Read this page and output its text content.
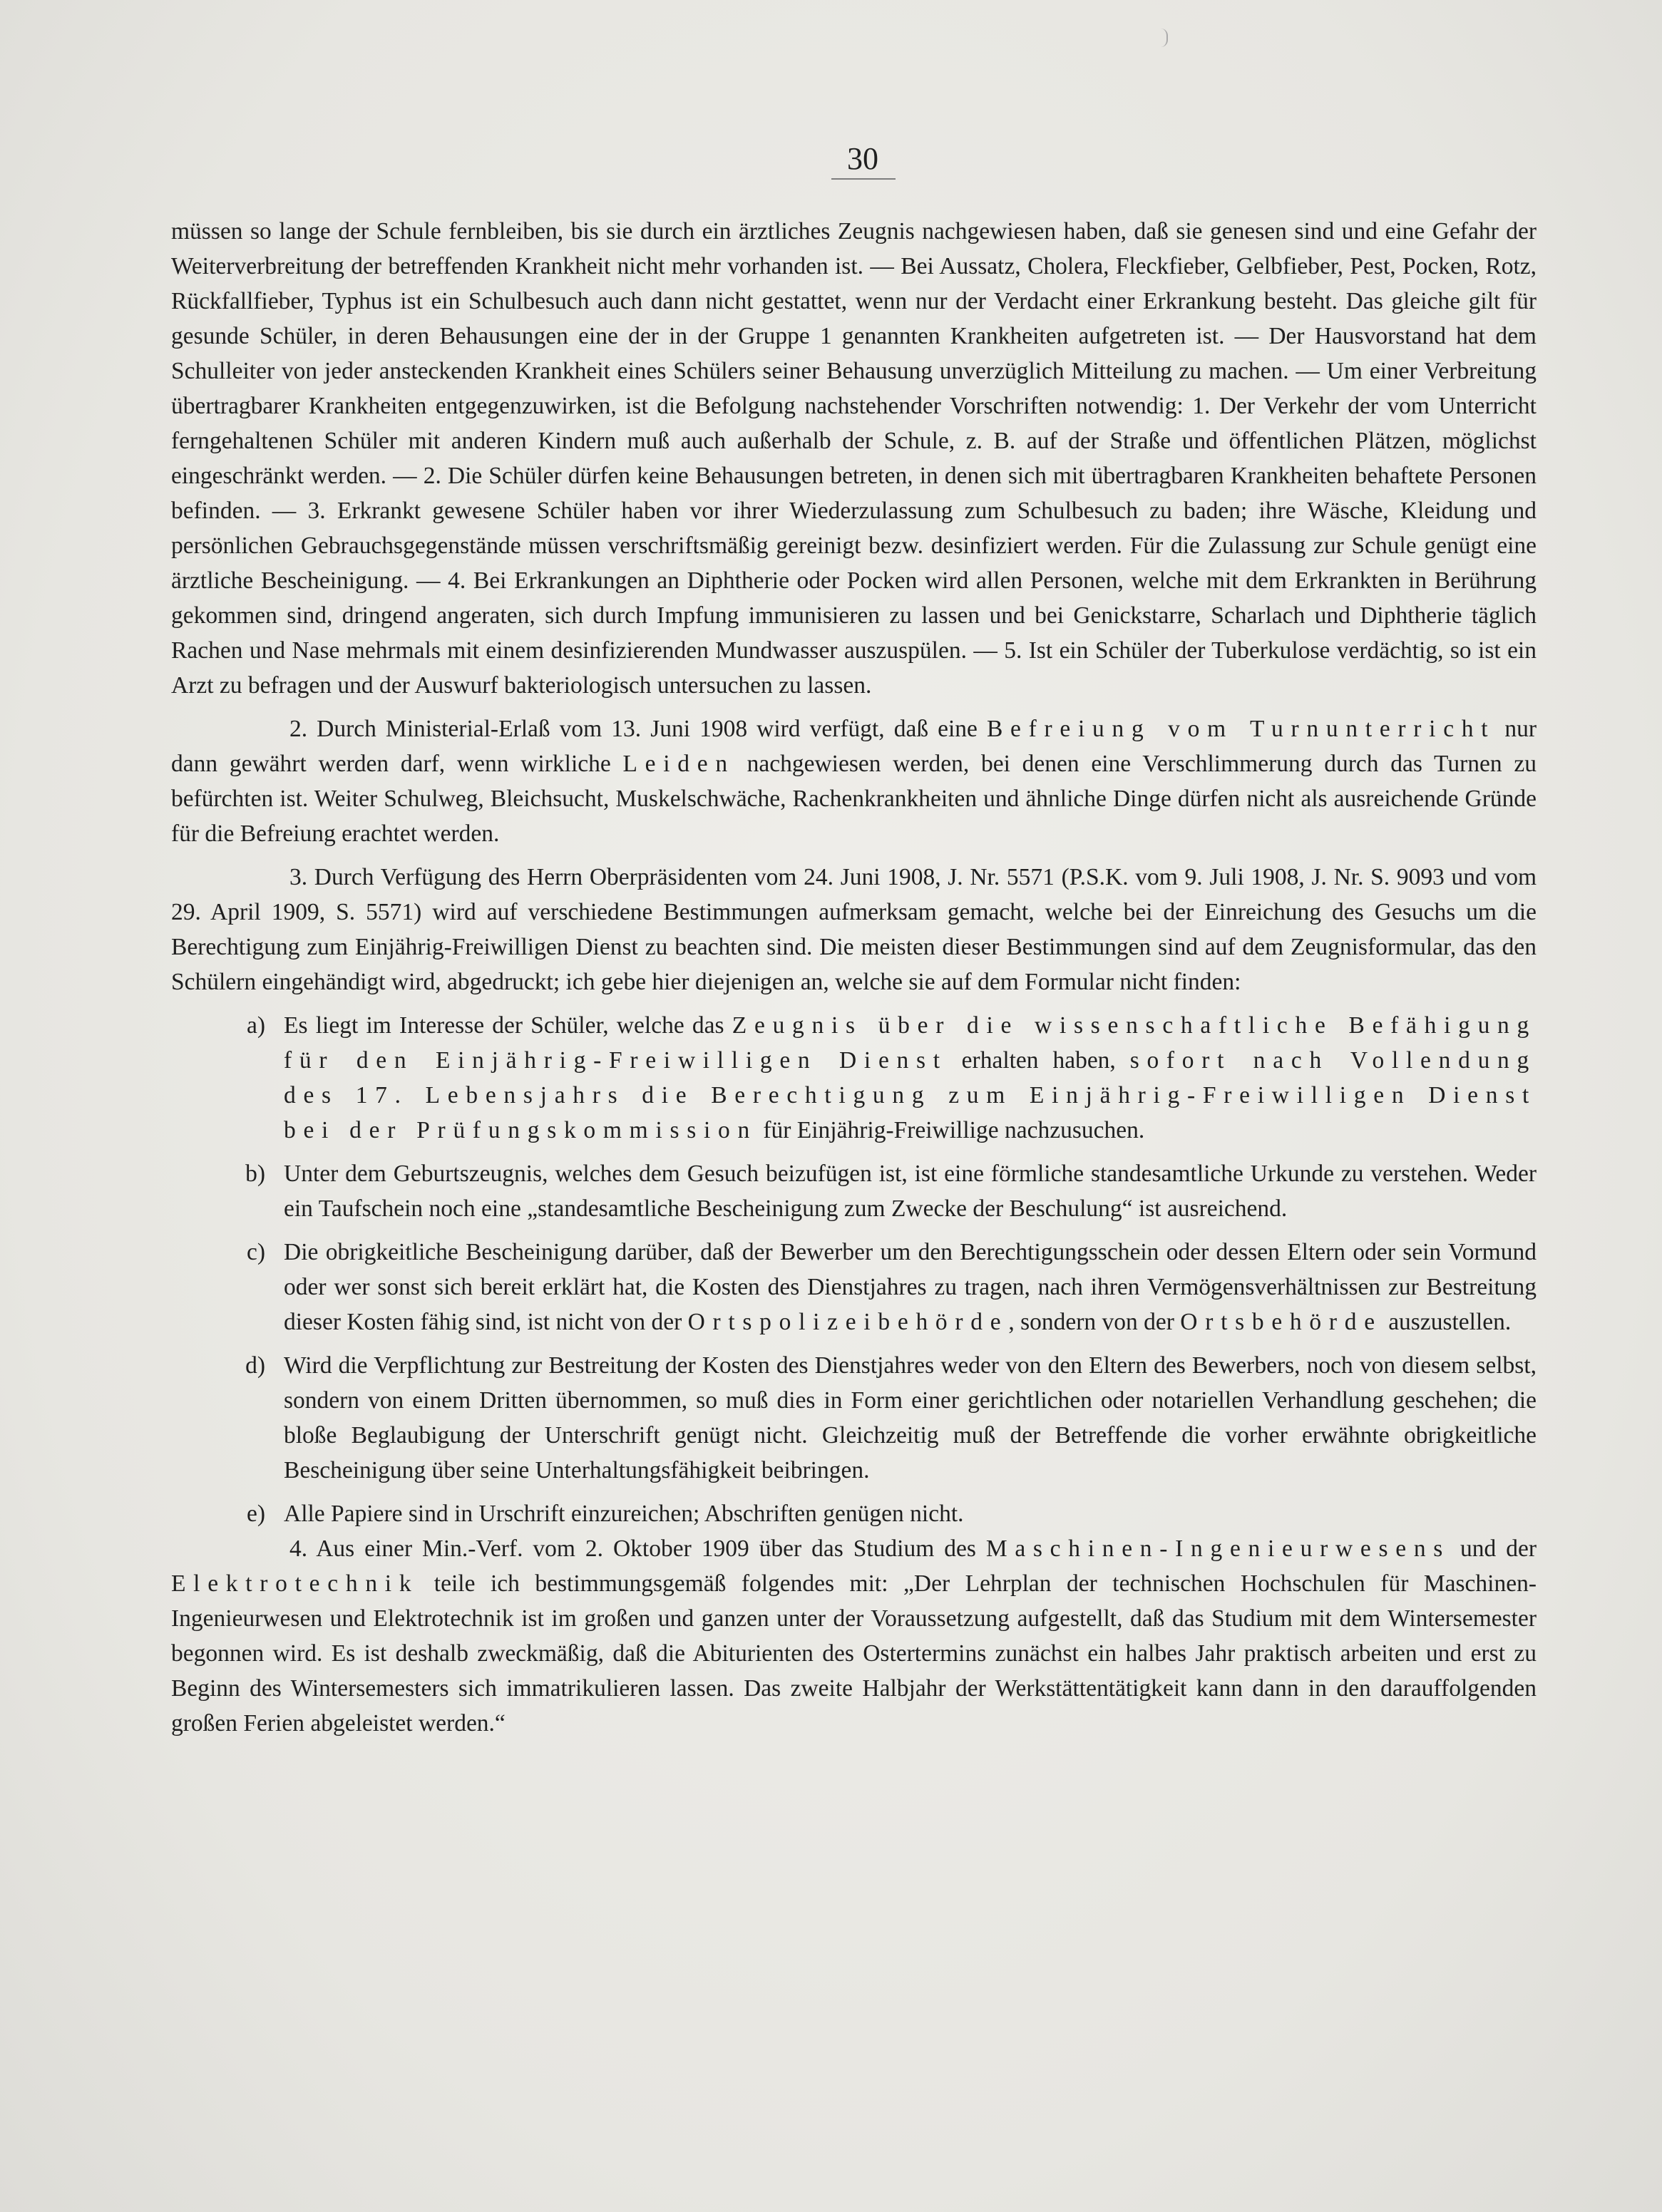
30

müssen so lange der Schule fernbleiben, bis sie durch ein ärztliches Zeugnis nachgewiesen haben, daß sie genesen sind und eine Gefahr der Weiterverbreitung der betreffenden Krankheit nicht mehr vorhanden ist. — Bei Aussatz, Cholera, Fleckfieber, Gelbfieber, Pest, Pocken, Rotz, Rückfallfieber, Typhus ist ein Schulbesuch auch dann nicht gestattet, wenn nur der Verdacht einer Erkrankung besteht. Das gleiche gilt für gesunde Schüler, in deren Behausungen eine der in der Gruppe 1 genannten Krankheiten aufgetreten ist. — Der Hausvorstand hat dem Schulleiter von jeder ansteckenden Krankheit eines Schülers seiner Behausung unverzüglich Mitteilung zu machen. — Um einer Verbreitung übertragbarer Krankheiten entgegenzuwirken, ist die Befolgung nachstehender Vorschriften notwendig: 1. Der Verkehr der vom Unterricht ferngehaltenen Schüler mit anderen Kindern muß auch außerhalb der Schule, z. B. auf der Straße und öffentlichen Plätzen, möglichst eingeschränkt werden. — 2. Die Schüler dürfen keine Behausungen betreten, in denen sich mit übertragbaren Krankheiten behaftete Personen befinden. — 3. Erkrankt gewesene Schüler haben vor ihrer Wiederzulassung zum Schulbesuch zu baden; ihre Wäsche, Kleidung und persönlichen Gebrauchsgegenstände müssen verschriftsmäßig gereinigt bezw. desinfiziert werden. Für die Zulassung zur Schule genügt eine ärztliche Bescheinigung. — 4. Bei Erkrankungen an Diphtherie oder Pocken wird allen Personen, welche mit dem Erkrankten in Berührung gekommen sind, dringend angeraten, sich durch Impfung immunisieren zu lassen und bei Genickstarre, Scharlach und Diphtherie täglich Rachen und Nase mehrmals mit einem desinfizierenden Mundwasser auszuspülen. — 5. Ist ein Schüler der Tuberkulose verdächtig, so ist ein Arzt zu befragen und der Auswurf bakteriologisch untersuchen zu lassen.

2. Durch Ministerial-Erlaß vom 13. Juni 1908 wird verfügt, daß eine Befreiung vom Turnunterricht nur dann gewährt werden darf, wenn wirkliche Leiden nachgewiesen werden, bei denen eine Verschlimmerung durch das Turnen zu befürchten ist. Weiter Schulweg, Bleichsucht, Muskelschwäche, Rachenkrankheiten und ähnliche Dinge dürfen nicht als ausreichende Gründe für die Befreiung erachtet werden.

3. Durch Verfügung des Herrn Oberpräsidenten vom 24. Juni 1908, J. Nr. 5571 (P.S.K. vom 9. Juli 1908, J. Nr. S. 9093 und vom 29. April 1909, S. 5571) wird auf verschiedene Bestimmungen aufmerksam gemacht, welche bei der Einreichung des Gesuchs um die Berechtigung zum Einjährig-Freiwilligen Dienst zu beachten sind. Die meisten dieser Bestimmungen sind auf dem Zeugnisformular, das den Schülern eingehändigt wird, abgedruckt; ich gebe hier diejenigen an, welche sie auf dem Formular nicht finden:

a) Es liegt im Interesse der Schüler, welche das Zeugnis über die wissenschaftliche Befähigung für den Einjährig-Freiwilligen Dienst erhalten haben, sofort nach Vollendung des 17. Lebensjahrs die Berechtigung zum Einjährig-Freiwilligen Dienst bei der Prüfungskommission für Einjährig-Freiwillige nachzusuchen.
b) Unter dem Geburtszeugnis, welches dem Gesuch beizufügen ist, ist eine förmliche standesamtliche Urkunde zu verstehen. Weder ein Taufschein noch eine „standesamtliche Bescheinigung zum Zwecke der Beschulung“ ist ausreichend.
c) Die obrigkeitliche Bescheinigung darüber, daß der Bewerber um den Berechtigungsschein oder dessen Eltern oder sein Vormund oder wer sonst sich bereit erklärt hat, die Kosten des Dienstjahres zu tragen, nach ihren Vermögensverhältnissen zur Bestreitung dieser Kosten fähig sind, ist nicht von der Ortspolizeibehörde, sondern von der Ortsbehörde auszustellen.
d) Wird die Verpflichtung zur Bestreitung der Kosten des Dienstjahres weder von den Eltern des Bewerbers, noch von diesem selbst, sondern von einem Dritten übernommen, so muß dies in Form einer gerichtlichen oder notariellen Verhandlung geschehen; die bloße Beglaubigung der Unterschrift genügt nicht. Gleichzeitig muß der Betreffende die vorher erwähnte obrigkeitliche Bescheinigung über seine Unterhaltungsfähigkeit beibringen.
e) Alle Papiere sind in Urschrift einzureichen; Abschriften genügen nicht.

4. Aus einer Min.-Verf. vom 2. Oktober 1909 über das Studium des Maschinen-Ingenieurwesens und der Elektrotechnik teile ich bestimmungsgemäß folgendes mit: „Der Lehrplan der technischen Hochschulen für Maschinen-Ingenieurwesen und Elektrotechnik ist im großen und ganzen unter der Voraussetzung aufgestellt, daß das Studium mit dem Wintersemester begonnen wird. Es ist deshalb zweckmäßig, daß die Abiturienten des Ostertermins zunächst ein halbes Jahr praktisch arbeiten und erst zu Beginn des Wintersemesters sich immatrikulieren lassen. Das zweite Halbjahr der Werkstättentätigkeit kann dann in den darauffolgenden großen Ferien abgeleistet werden.“
